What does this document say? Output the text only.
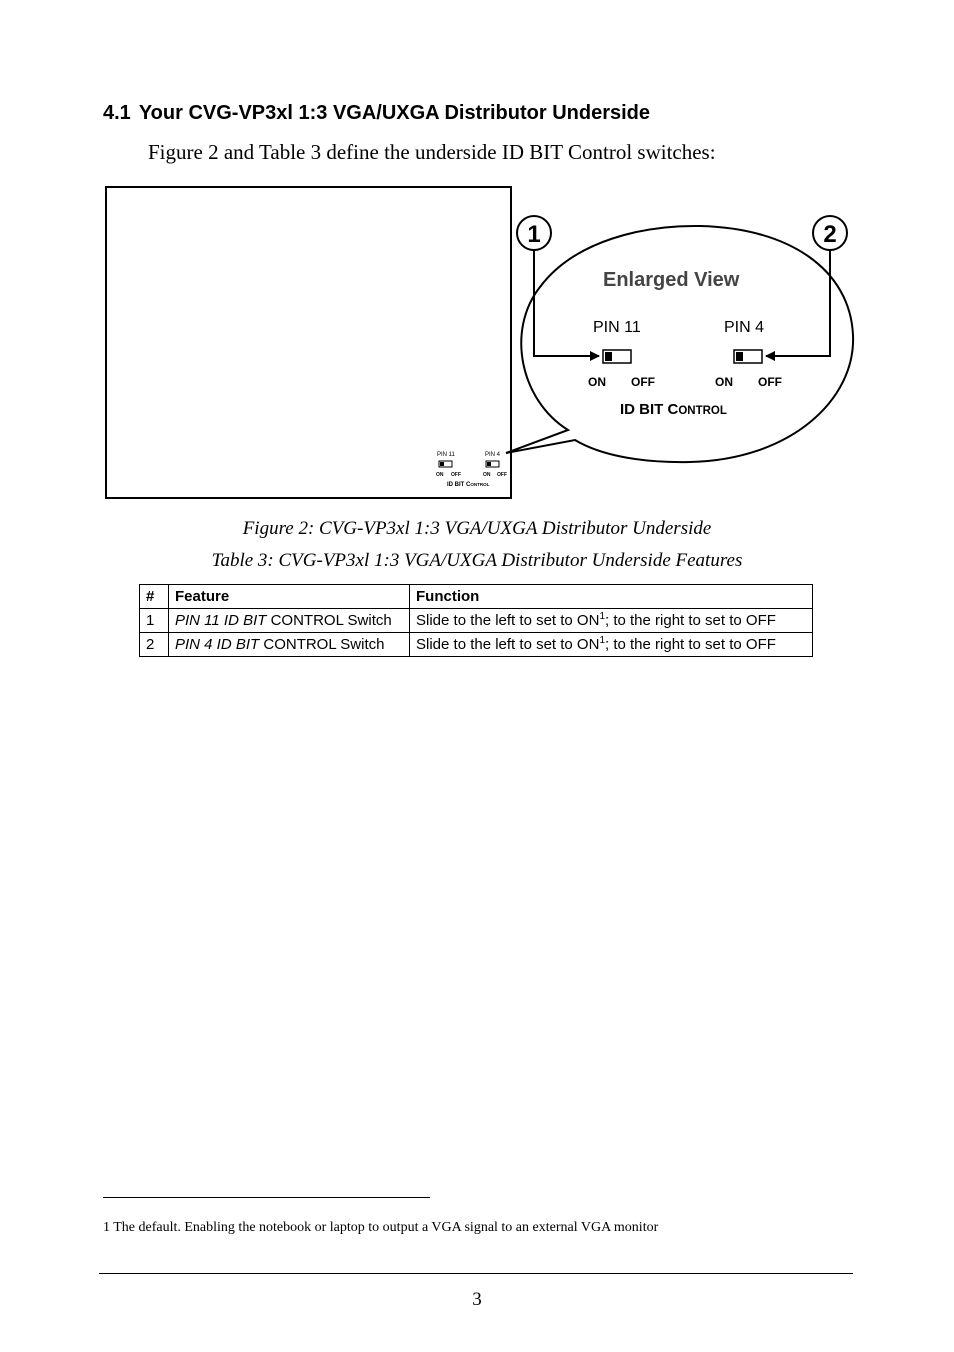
4.1 Your CVG-VP3xl 1:3 VGA/UXGA Distributor Underside
Figure 2 and Table 3 define the underside ID BIT Control switches:
PIN 11	PIN 4
ON OFF	ON OFF
ID BIT CONTROL
Enlarged View
PIN 11	PIN 4
ON OFF	ON OFF
ID BIT CONTROL
1	2
Figure 2: CVG-VP3xl 1:3 VGA/UXGA Distributor Underside
Table 3: CVG-VP3xl 1:3 VGA/UXGA Distributor Underside Features
#	Feature	Function
1	PIN 11 ID BIT CONTROL Switch	Slide to the left to set to $ON^1$; to the right to set to OFF
2	PIN 4 ID BIT CONTROL Switch	Slide to the left to set to $ON^1$; to the right to set to OFF
1 The default. Enabling the notebook or laptop to output a VGA signal to an external VGA monitor
3
